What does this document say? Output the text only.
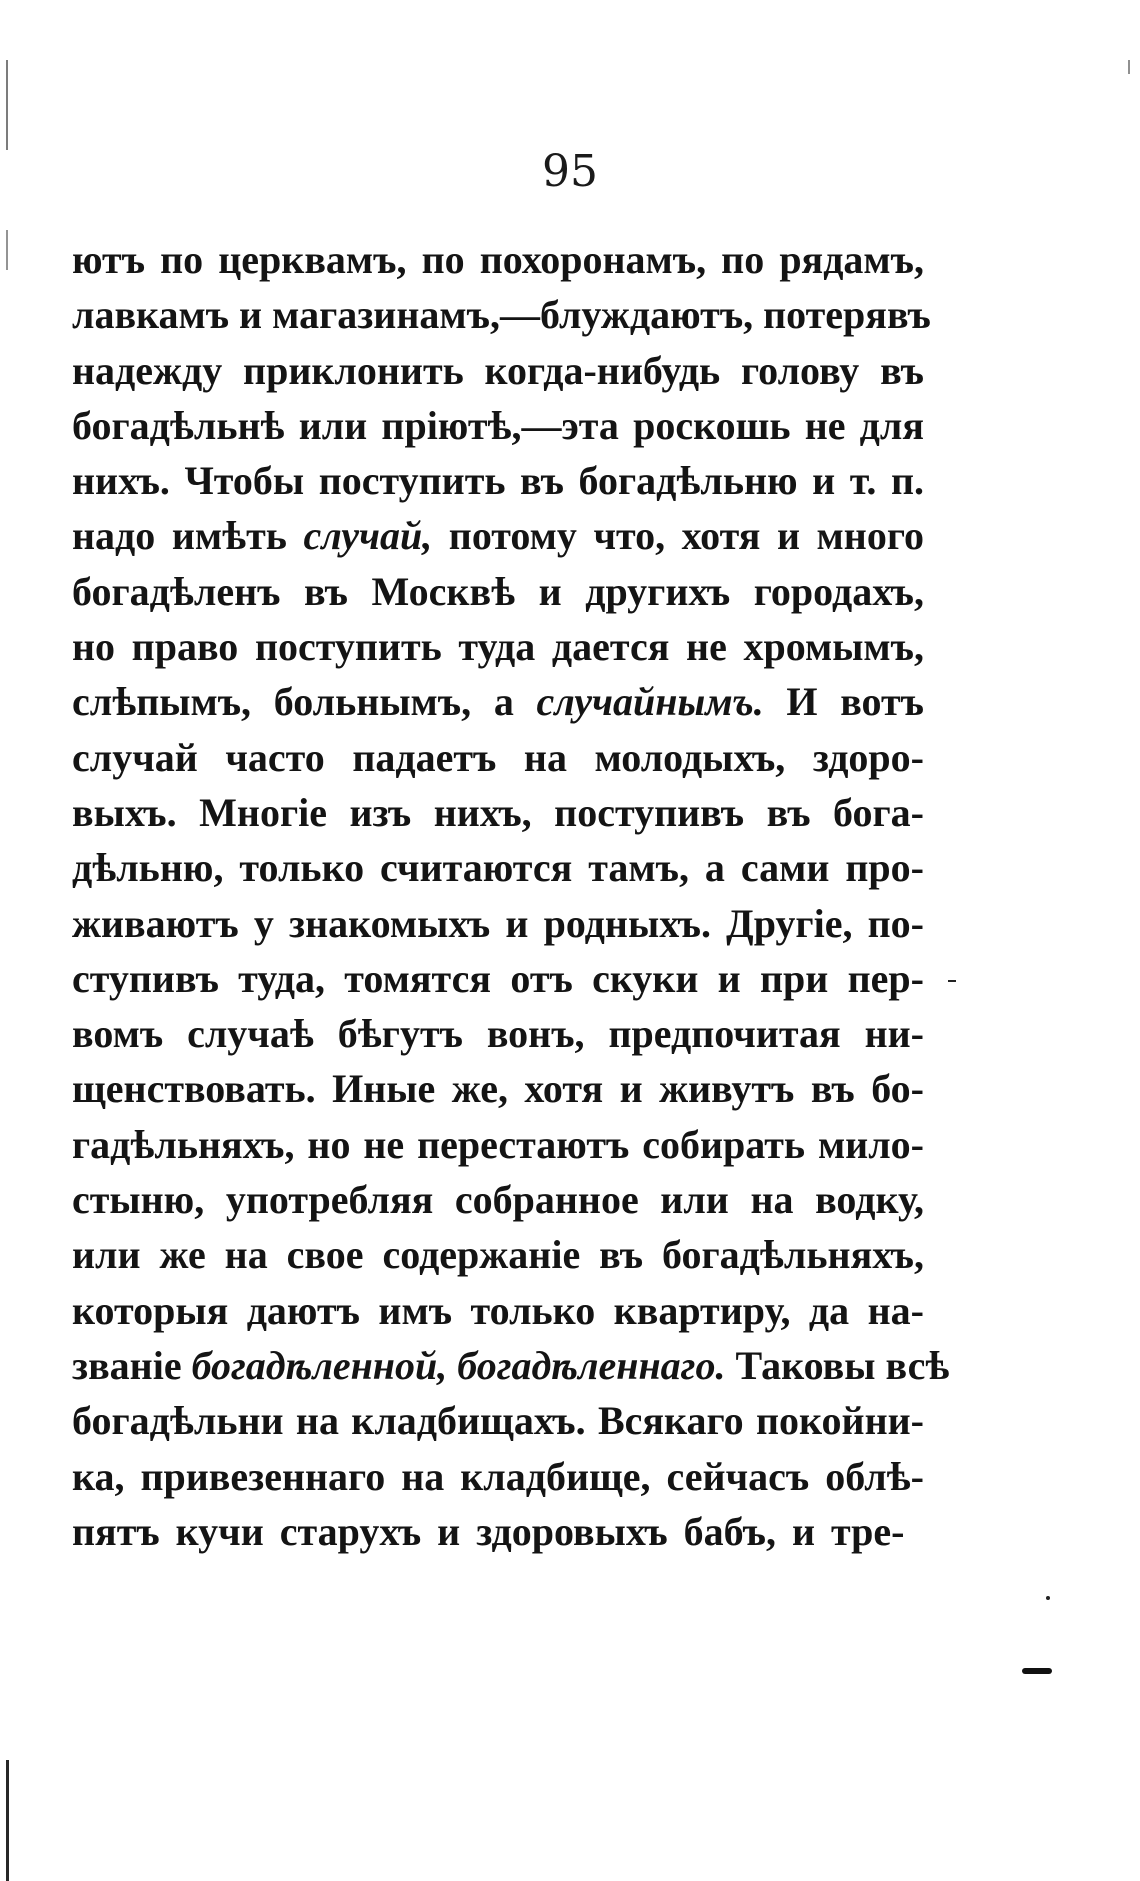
95
ютъ по церквамъ, по похоронамъ, по рядамъ,
лавкамъ и магазинамъ,—блуждаютъ, потерявъ
надежду приклонить когда-нибудь голову въ
богадѣльнѣ или пріютѣ,—эта роскошь не для
нихъ. Чтобы поступить въ богадѣльню и т. п.
надо имѣть случай, потому что, хотя и много
богадѣленъ въ Москвѣ и другихъ городахъ,
но право поступить туда дается не хромымъ,
слѣпымъ, больнымъ, а случайнымъ. И вотъ
случай часто падаетъ на молодыхъ, здоро-
выхъ. Многіе изъ нихъ, поступивъ въ бога-
дѣльню, только считаются тамъ, а сами про-
живаютъ у знакомыхъ и родныхъ. Другіе, по-
ступивъ туда, томятся отъ скуки и при пер-
вомъ случаѣ бѣгутъ вонъ, предпочитая ни-
щенствовать. Иные же, хотя и живутъ въ бо-
гадѣльняхъ, но не перестаютъ собирать мило-
стыню, употребляя собранное или на водку,
или же на свое содержаніе въ богадѣльняхъ,
которыя даютъ имъ только квартиру, да на-
званіе богадѣленной, богадѣленнаго. Таковы всѣ
богадѣльни на кладбищахъ. Всякаго покойни-
ка, привезеннаго на кладбище, сейчасъ облѣ-
пятъ кучи старухъ и здоровыхъ бабъ, и тре-
